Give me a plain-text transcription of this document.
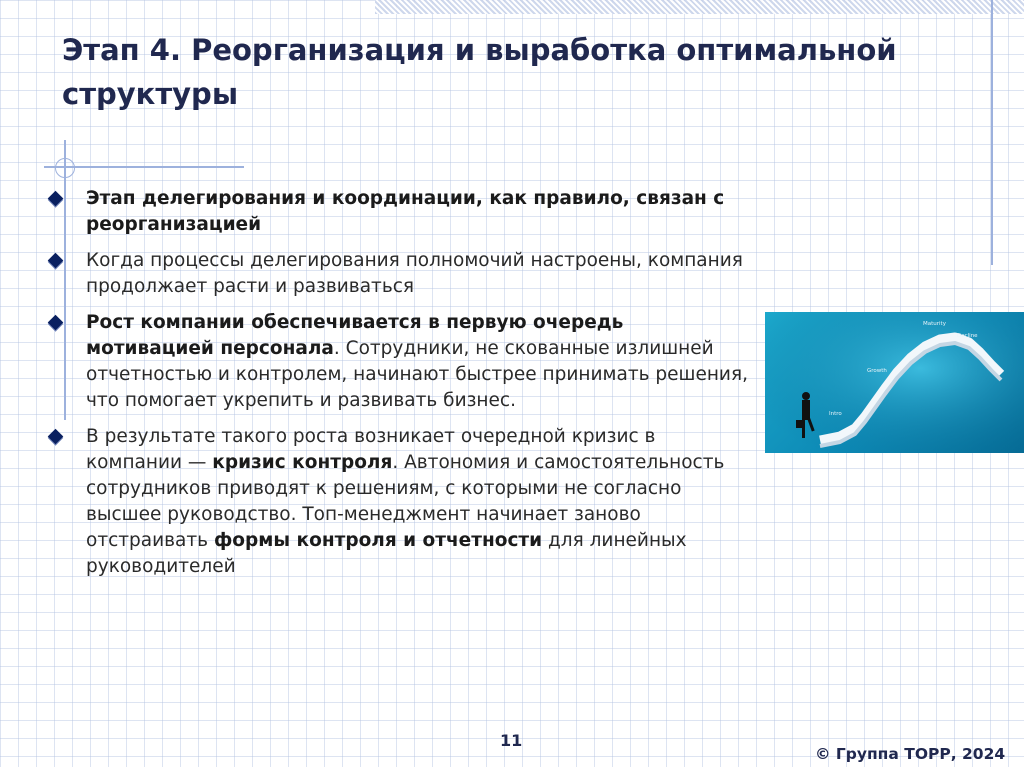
Этап 4. Реорганизация и выработка оптимальной структуры
Этап делегирования и координации, как правило, связан с реорганизацией
Когда процессы делегирования полномочий настроены, компания продолжает расти и развиваться
Рост компании обеспечивается в первую очередь мотивацией персонала. Сотрудники, не скованные излишней отчетностью и контролем, начинают быстрее принимать решения, что помогает укрепить и развивать бизнес.
В результате такого роста возникает очередной кризис в компании — кризис контроля. Автономия и самостоятельность сотрудников приводят к решениям, с которыми не согласно высшее руководство. Топ-менеджмент начинает заново отстраивать формы контроля и отчетности для линейных руководителей
Maturity
Decline
Growth
Intro
11
© Группа ТОРР, 2024
